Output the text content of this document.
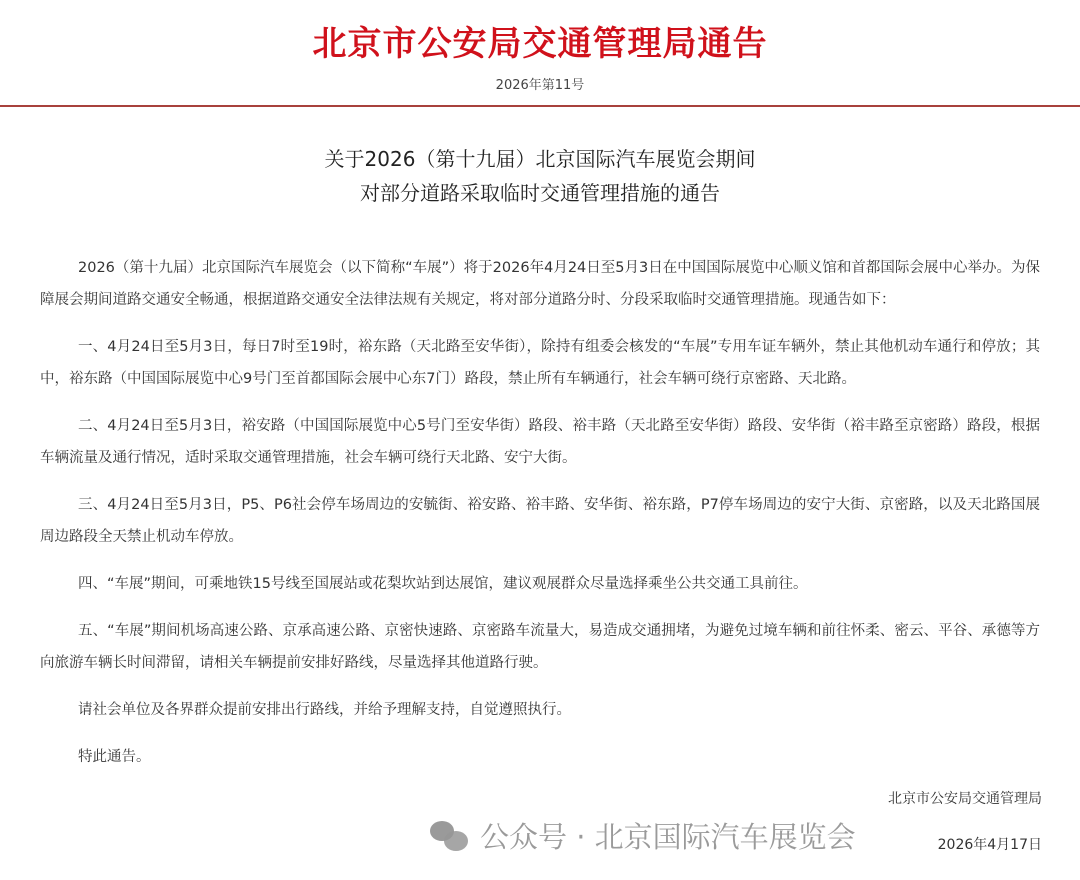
北京市公安局交通管理局通告
2026年第11号
关于2026（第十九届）北京国际汽车展览会期间
对部分道路采取临时交通管理措施的通告

2026（第十九届）北京国际汽车展览会（以下简称“车展”）将于2026年4月24日至5月3日在中国国际展览中心顺义馆和首都国际会展中心举办。为保障展会期间道路交通安全畅通，根据道路交通安全法律法规有关规定，将对部分道路分时、分段采取临时交通管理措施。现通告如下：

一、4月24日至5月3日，每日7时至19时，裕东路（天北路至安华街），除持有组委会核发的“车展”专用车证车辆外，禁止其他机动车通行和停放；其中，裕东路（中国国际展览中心9号门至首都国际会展中心东7门）路段，禁止所有车辆通行，社会车辆可绕行京密路、天北路。

二、4月24日至5月3日，裕安路（中国国际展览中心5号门至安华街）路段、裕丰路（天北路至安华街）路段、安华街（裕丰路至京密路）路段，根据车辆流量及通行情况，适时采取交通管理措施，社会车辆可绕行天北路、安宁大街。

三、4月24日至5月3日，P5、P6社会停车场周边的安毓街、裕安路、裕丰路、安华街、裕东路，P7停车场周边的安宁大街、京密路，以及天北路国展周边路段全天禁止机动车停放。

四、“车展”期间，可乘地铁15号线至国展站或花梨坎站到达展馆，建议观展群众尽量选择乘坐公共交通工具前往。

五、“车展”期间机场高速公路、京承高速公路、京密快速路、京密路车流量大，易造成交通拥堵，为避免过境车辆和前往怀柔、密云、平谷、承德等方向旅游车辆长时间滞留，请相关车辆提前安排好路线，尽量选择其他道路行驶。

请社会单位及各界群众提前安排出行路线，并给予理解支持，自觉遵照执行。

特此通告。

北京市公安局交通管理局
公众号 · 北京国际汽车展览会	2026年4月17日
